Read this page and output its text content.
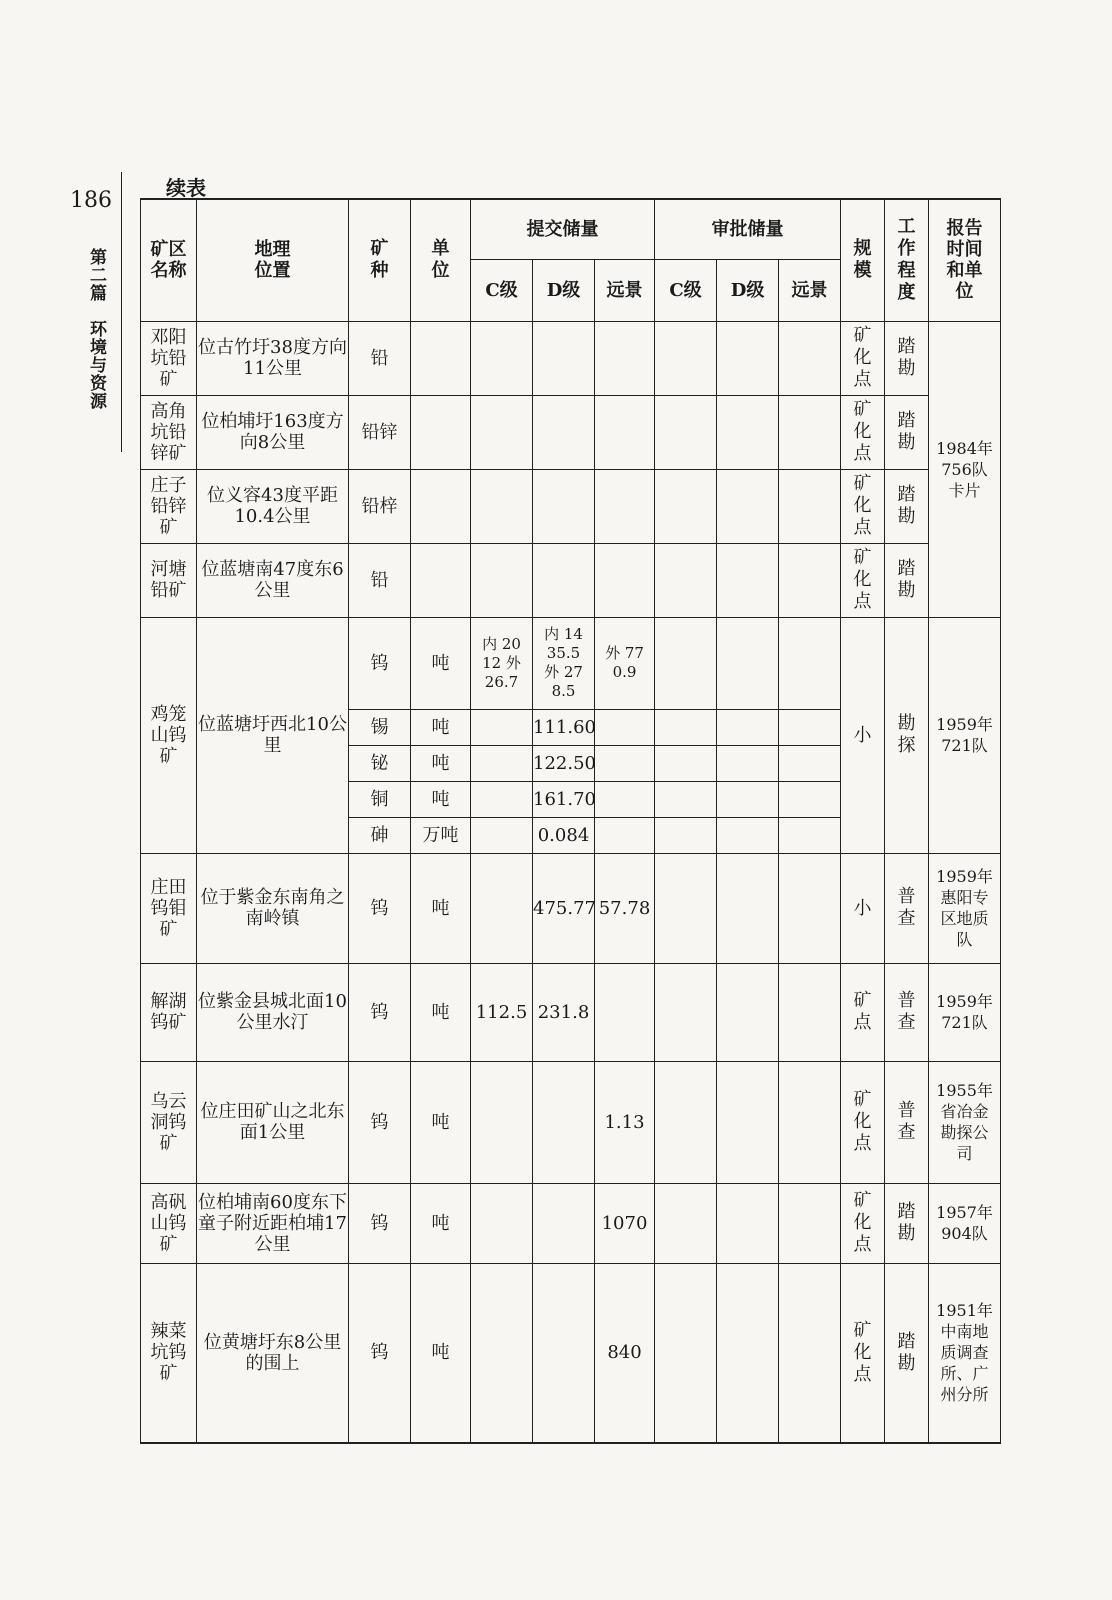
186
第二篇　环境与资源
续表
矿区名称	地理位置	矿种	单位	提交储量			审批储量			规模	工作程度	报告时间和单位
				C级	D级	远景	C级	D级	远景			
邓阳坑铅矿	位古竹圩38度方向11公里	铅								矿化点	踏勘	1984年756队卡片
高角坑铅锌矿	位柏埔圩163度方向8公里	铅锌								矿化点	踏勘	
庄子铅锌矿	位义容43度平距10.4公里	铅梓								矿化点	踏勘	
河塘铅矿	位蓝塘南47度东6公里	铅								矿化点	踏勘	
鸡笼山钨矿	位蓝塘圩西北10公里	钨	吨	内 2012 外 26.7	内 1435.5 外 278.5	外 770.9				小	勘探	1959年721队
		锡	吨		111.60							
		铋	吨		122.50							
		铜	吨		161.70							
		砷	万吨		0.084							
庄田钨钼矿	位于紫金东南角之南岭镇	钨	吨		475.77	57.78				小	普查	1959年惠阳专区地质队
解湖钨矿	位紫金县城北面10公里水汀	钨	吨	112.5	231.8					矿点	普查	1959年721队
乌云洞钨矿	位庄田矿山之北东面1公里	钨	吨			1.13				矿化点	普查	1955年省冶金勘探公司
高矾山钨矿	位柏埔南60度东下童子附近距柏埔17公里	钨	吨			1070				矿化点	踏勘	1957年904队
辣菜坑钨矿	位黄塘圩东8公里的围上	钨	吨			840				矿化点	踏勘	1951年中南地质调查所、广州分所
